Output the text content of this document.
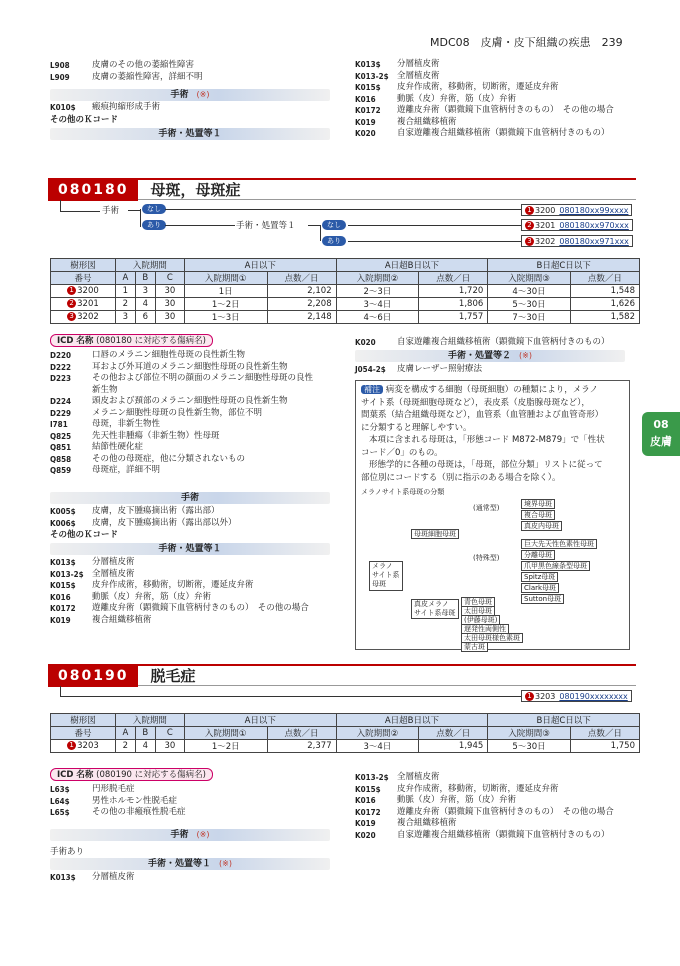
MDC08　皮膚・皮下組織の疾患　239
L908	皮膚のその他の萎縮性障害
L909	皮膚の萎縮性障害，詳細不明
手術 (※)
K010$	瘢痕拘縮形成手術
その他のＫコード
手術・処置等１
K013$	分層植皮術
K013-2$ 全層植皮術
K015$	皮弁作成術，移動術，切断術，遷延皮弁術
K016	動脈（皮）弁術，筋（皮）弁術
K0172	遊離皮弁術（顕微鏡下血管柄付きのもの）　その他の場合
K019	複合組織移植術
K020	自家遊離複合組織移植術（顕微鏡下血管柄付きのもの）
080180	母斑，母斑症
手術	なし
あり	手術・処置等１	なし
あり
1 3200 080180xx99xxxx
2 3201 080180xx970xxx
3 3202 080180xx971xxx
樹形図	入院期間			A日以下		A日超B日以下		B日超C日以下	
番号	A	B	C	入院期間①	点数／日	入院期間②	点数／日	入院期間③	点数／日
1 3200	1	3	30	1日	2,102	2～3日	1,720	4～30日	1,548
2 3201	2	4	30	1～2日	2,208	3～4日	1,806	5～30日	1,626
3 3202	3	6	30	1～3日	2,148	4～6日	1,757	7～30日	1,582
ICD 名称 (080180 に対応する傷病名)
D220	口唇のメラニン細胞性母斑の良性新生物
D222	耳および外耳道のメラニン細胞性母斑の良性新生物
D223	その他および部位不明の顔面のメラニン細胞性母斑の良性
新生物
D224	頭皮および頚部のメラニン細胞性母斑の良性新生物
D229	メラニン細胞性母斑の良性新生物，部位不明
I781	母斑，非新生物性
Q825	先天性非腫瘍（非新生物）性母斑
Q851	結節性硬化症
Q858	その他の母斑症，他に分類されないもの
Q859	母斑症，詳細不明
手術
K005$	皮膚，皮下腫瘍摘出術（露出部）
K006$	皮膚，皮下腫瘍摘出術（露出部以外）
その他のＫコード
手術・処置等１
K013$	分層植皮術
K013-2$ 全層植皮術
K015$	皮弁作成術，移動術，切断術，遷延皮弁術
K016	動脈（皮）弁術，筋（皮）弁術
K0172	遊離皮弁術（顕微鏡下血管柄付きのもの）　その他の場合
K019	複合組織移植術
K020	自家遊離複合組織移植術（顕微鏡下血管柄付きのもの）
手術・処置等２ (※)
J054-2$	皮膚レーザー照射療法
補注 病変を構成する細胞（母斑細胞）の種類により，メラノ
サイト系（母斑細胞母斑など），表皮系（皮脂腺母斑など），
間葉系（結合組織母斑など），血管系（血管腫および血管奇形）
に分類すると理解しやすい。
本項に含まれる母斑は，「形態コード M872-M879」で「性状
コード／0」のもの。
形態学的に各種の母斑は，「母斑，部位分類」リストに従って
部位別にコードする（別に指示のある場合を除く）。
メラノサイト系母斑の分類
メラノ
サイト系
母斑
母斑細胞母斑
真皮メラノ
サイト系母斑
(通常型)
(特殊型)
境界母斑
複合母斑
真皮内母斑
巨大先天性色素性母斑
分離母斑
爪甲黒色線条型母斑
Spitz母斑
Clark母斑
Sutton母斑
青色母斑
太田母斑
(伊藤母斑)
遅発性両側性
太田母斑様色素斑
蒙古斑
08
皮膚
080190	脱毛症
1 3203 080190xxxxxxxx
樹形図	入院期間			A日以下		A日超B日以下		B日超C日以下	
番号	A	B	C	入院期間①	点数／日	入院期間②	点数／日	入院期間③	点数／日
1 3203	2	4	30	1～2日	2,377	3～4日	1,945	5～30日	1,750
ICD 名称 (080190 に対応する傷病名)
L63$	円形脱毛症
L64$	男性ホルモン性脱毛症
L65$	その他の非瘢痕性脱毛症
手術 (※)
手術あり
手術・処置等１ (※)
K013$	分層植皮術
K013-2$ 全層植皮術
K015$	皮弁作成術，移動術，切断術，遷延皮弁術
K016	動脈（皮）弁術，筋（皮）弁術
K0172	遊離皮弁術（顕微鏡下血管柄付きのもの）　その他の場合
K019	複合組織移植術
K020	自家遊離複合組織移植術（顕微鏡下血管柄付きのもの）
